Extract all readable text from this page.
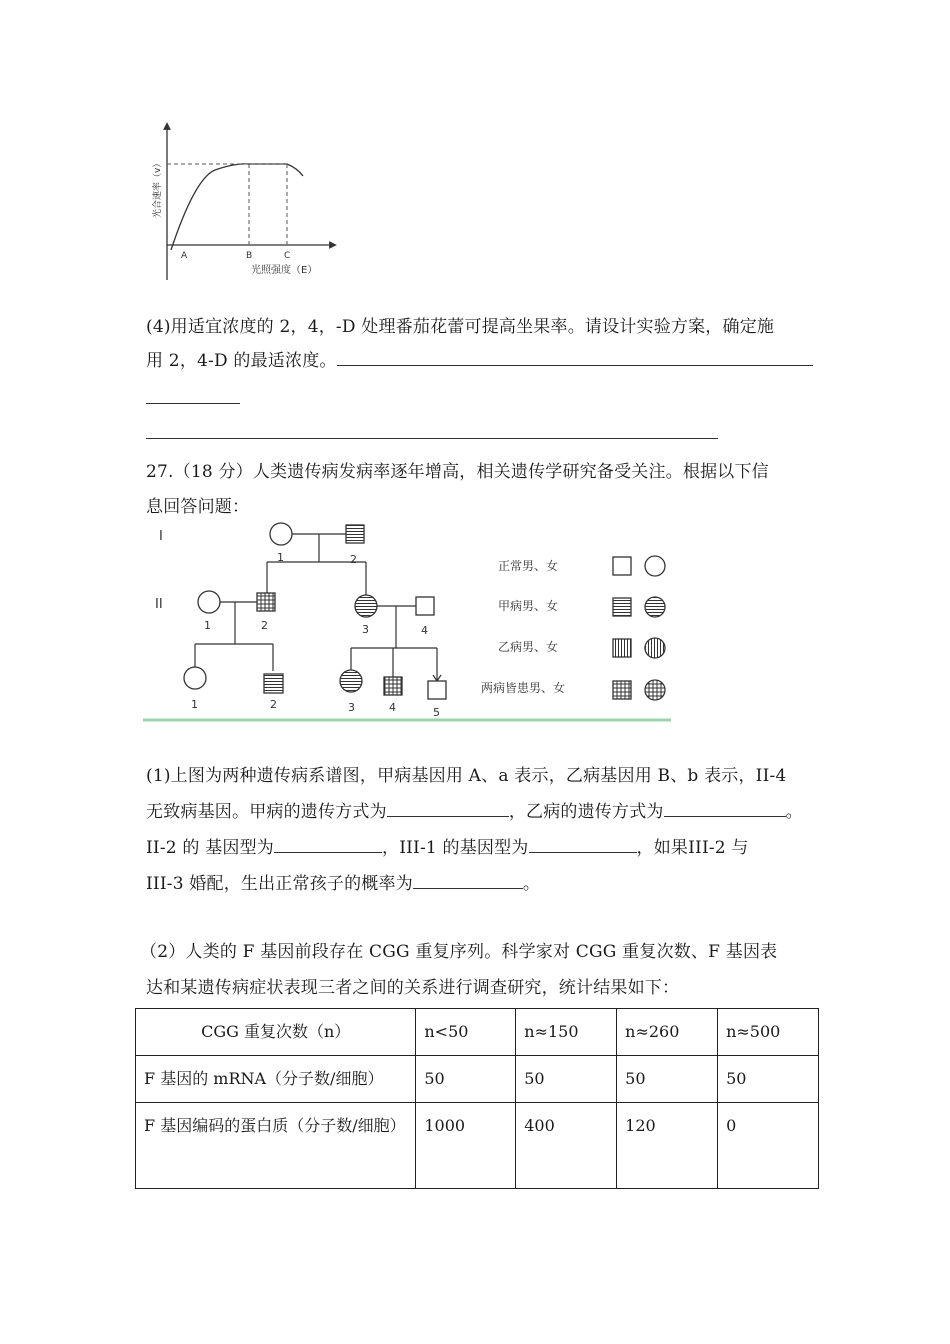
A	B	C
光照强度（E）
光合速率（v）
(4)用适宜浓度的 2，4，-D 处理番茄花蕾可提高坐果率。请设计实验方案，确定施
用 2，4-D 的最适浓度。
27.（18 分）人类遗传病发病率逐年增高，相关遗传学研究备受关注。根据以下信
息回答问题：
I
II
1	2
1	2	3	4
1	2	3	4	5
正常男、女
甲病男、女
乙病男、女
两病皆患男、女
(1)上图为两种遗传病系谱图，甲病基因用 A、a 表示，乙病基因用 B、b 表示，II-4
无致病基因。甲病的遗传方式为	，乙病的遗传方式为	。
II-2 的 基因型为	，III-1 的基因型为	，如果III-2 与
III-3 婚配，生出正常孩子的概率为	。
（2）人类的 F 基因前段存在 CGG 重复序列。科学家对 CGG 重复次数、F 基因表
达和某遗传病症状表现三者之间的关系进行调查研究，统计结果如下：
CGG 重复次数（n）	n<50	n≈150	n≈260	n≈500
F 基因的 mRNA（分子数/细胞）	50	50	50	50
F 基因编码的蛋白质（分子数/细胞）	1000	400	120	0
